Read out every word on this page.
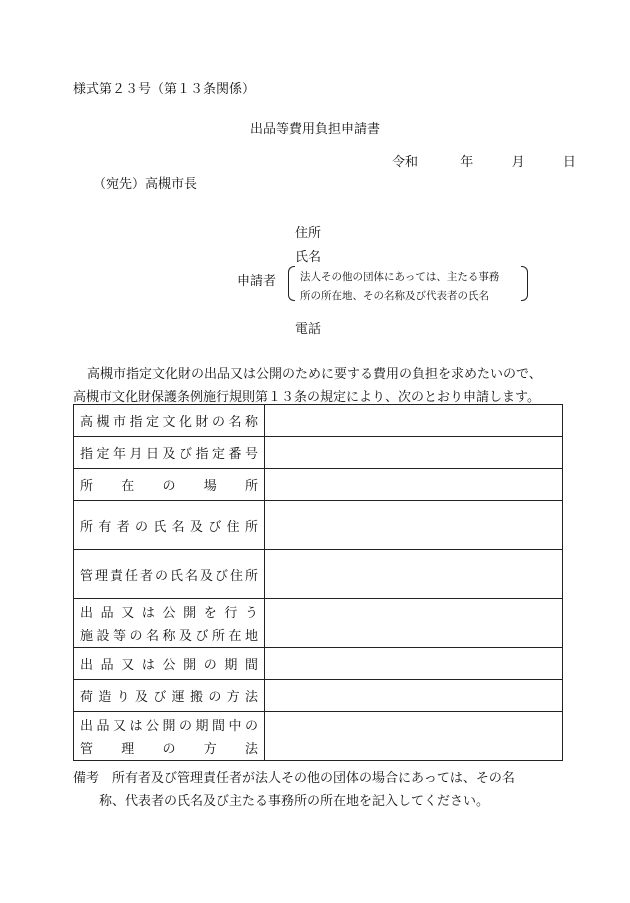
様式第２３号（第１３条関係）
出品等費用負担申請書
令和	年	月	日
（宛先）高槻市長
住所
氏名
申請者 法人その他の団体にあっては、主たる事務
所の所在地、その名称及び代表者の氏名
電話
高槻市指定文化財の出品又は公開のために要する費用の負担を求めたいので、
高槻市文化財保護条例施行規則第１３条の規定により、次のとおり申請します。
高槻市指定文化財の名称	

指定年月日及び指定番号	

所在の場所	

所有者の氏名及び住所	

管理責任者の氏名及び住所	

出品又は公開を行う
施設等の名称及び所在地	

出品又は公開の期間	

荷造り及び運搬の方法	

出品又は公開の期間中の
管理の方法	

備考　所有者及び管理責任者が法人その他の団体の場合にあっては、その名
称、代表者の氏名及び主たる事務所の所在地を記入してください。
